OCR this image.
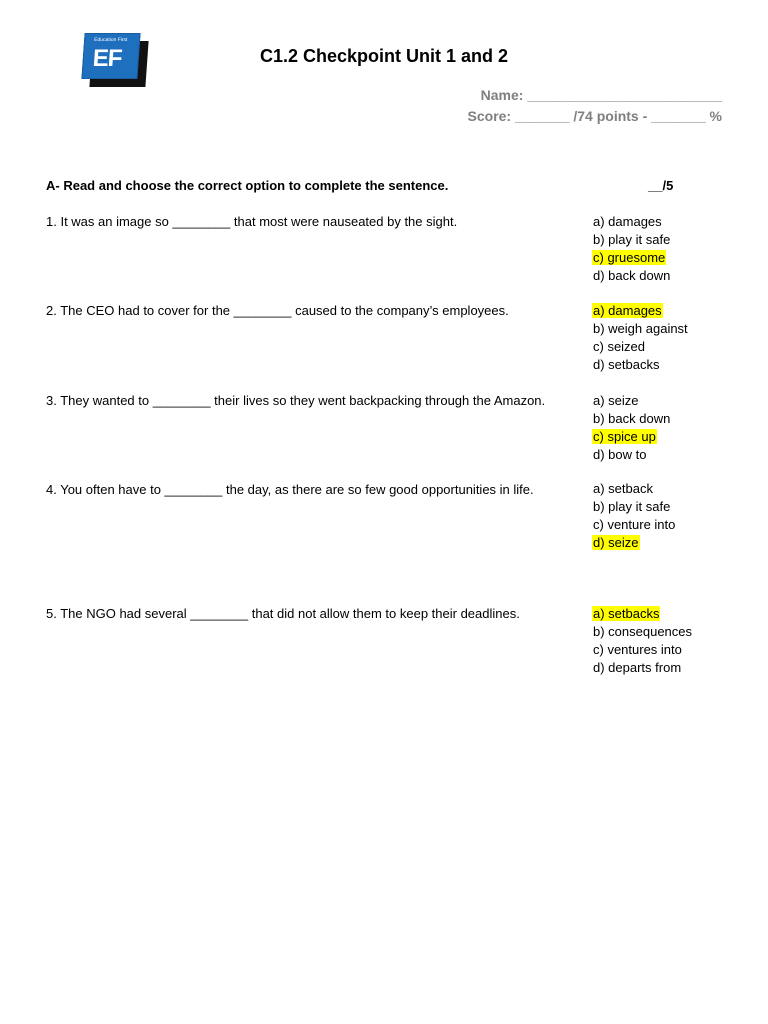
Education First
EF	C1.2 Checkpoint Unit 1 and 2
Name: _________________________
Score: _______ /74 points - _______ %
A- Read and choose the correct option to complete the sentence.	__/5
1. It was an image so ________ that most were nauseated by the sight.	a) damages
b) play it safe
c) gruesome
d) back down
2. The CEO had to cover for the ________ caused to the company’s employees.	a) damages
b) weigh against
c) seized
d) setbacks
3. They wanted to ________ their lives so they went backpacking through the Amazon.	a) seize
b) back down
c) spice up
d) bow to
4. You often have to ________ the day, as there are so few good opportunities in life.	a) setback
b) play it safe
c) venture into
d) seize
5. The NGO had several ________ that did not allow them to keep their deadlines.	a) setbacks
b) consequences
c) ventures into
d) departs from
